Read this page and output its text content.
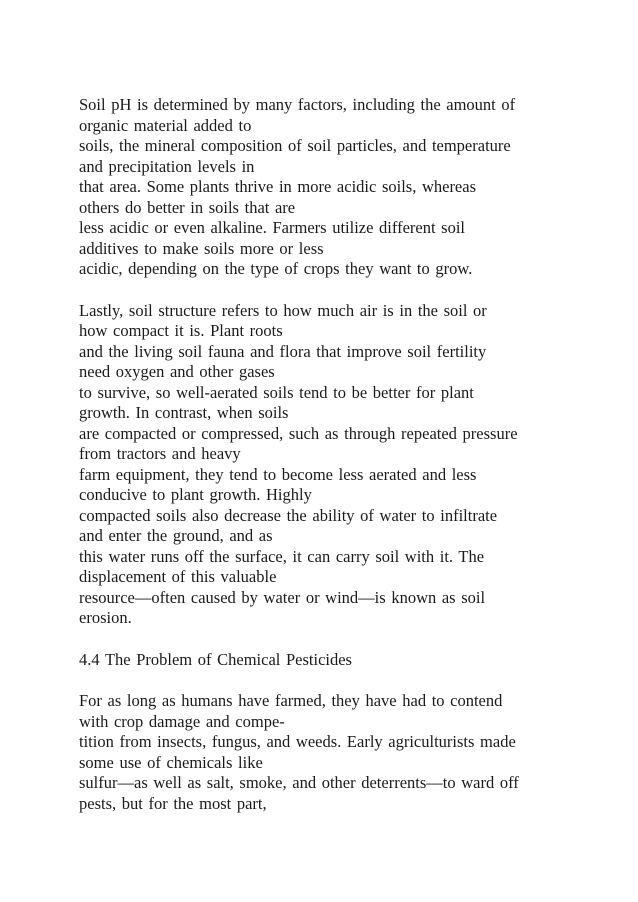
Soil pH is determined by many factors, including the amount of
organic material added to
soils, the mineral composition of soil particles, and temperature
and precipitation levels in
that area. Some plants thrive in more acidic soils, whereas
others do better in soils that are
less acidic or even alkaline. Farmers utilize different soil
additives to make soils more or less
acidic, depending on the type of crops they want to grow.
Lastly, soil structure refers to how much air is in the soil or
how compact it is. Plant roots
and the living soil fauna and flora that improve soil fertility
need oxygen and other gases
to survive, so well-aerated soils tend to be better for plant
growth. In contrast, when soils
are compacted or compressed, such as through repeated pressure
from tractors and heavy
farm equipment, they tend to become less aerated and less
conducive to plant growth. Highly
compacted soils also decrease the ability of water to infiltrate
and enter the ground, and as
this water runs off the surface, it can carry soil with it. The
displacement of this valuable
resource—often caused by water or wind—is known as soil
erosion.
4.4 The Problem of Chemical Pesticides
For as long as humans have farmed, they have had to contend
with crop damage and compe-
tition from insects, fungus, and weeds. Early agriculturists made
some use of chemicals like
sulfur—as well as salt, smoke, and other deterrents—to ward off
pests, but for the most part,
